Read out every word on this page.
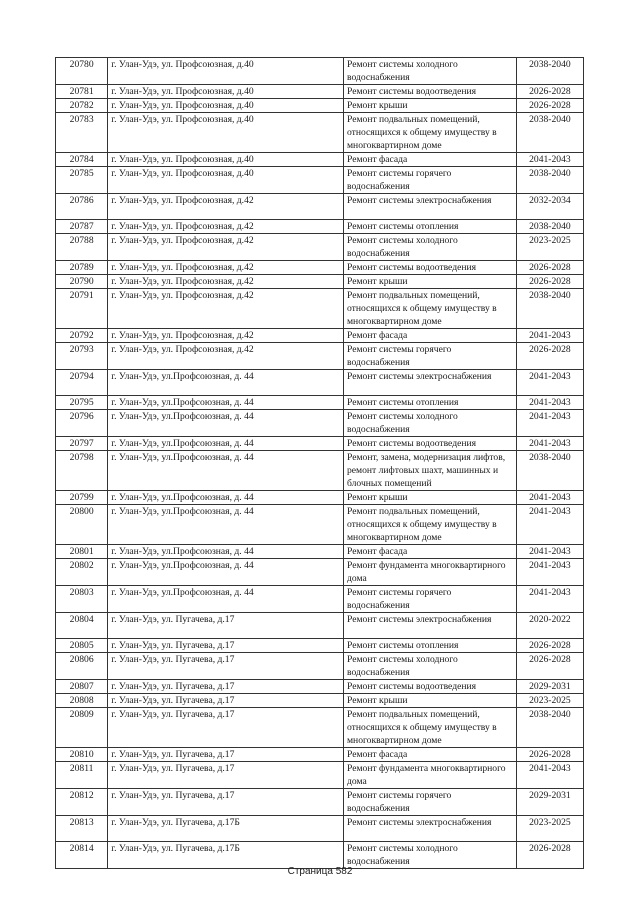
20780	г. Улан-Удэ, ул. Профсоюзная, д.40	Ремонт системы холодного водоснабжения	2038-2040
20781	г. Улан-Удэ, ул. Профсоюзная, д.40	Ремонт системы водоотведения	2026-2028
20782	г. Улан-Удэ, ул. Профсоюзная, д.40	Ремонт крыши	2026-2028
20783	г. Улан-Удэ, ул. Профсоюзная, д.40	Ремонт подвальных помещений, относящихся к общему имуществу в многоквартирном доме	2038-2040
20784	г. Улан-Удэ, ул. Профсоюзная, д.40	Ремонт фасада	2041-2043
20785	г. Улан-Удэ, ул. Профсоюзная, д.40	Ремонт системы горячего водоснабжения	2038-2040
20786	г. Улан-Удэ, ул. Профсоюзная, д.42	Ремонт системы электроснабжения	2032-2034
20787	г. Улан-Удэ, ул. Профсоюзная, д.42	Ремонт системы отопления	2038-2040
20788	г. Улан-Удэ, ул. Профсоюзная, д.42	Ремонт системы холодного водоснабжения	2023-2025
20789	г. Улан-Удэ, ул. Профсоюзная, д.42	Ремонт системы водоотведения	2026-2028
20790	г. Улан-Удэ, ул. Профсоюзная, д.42	Ремонт крыши	2026-2028
20791	г. Улан-Удэ, ул. Профсоюзная, д.42	Ремонт подвальных помещений, относящихся к общему имуществу в многоквартирном доме	2038-2040
20792	г. Улан-Удэ, ул. Профсоюзная, д.42	Ремонт фасада	2041-2043
20793	г. Улан-Удэ, ул. Профсоюзная, д.42	Ремонт системы горячего водоснабжения	2026-2028
20794	г. Улан-Удэ, ул.Профсоюзная, д. 44	Ремонт системы электроснабжения	2041-2043
20795	г. Улан-Удэ, ул.Профсоюзная, д. 44	Ремонт системы отопления	2041-2043
20796	г. Улан-Удэ, ул.Профсоюзная, д. 44	Ремонт системы холодного водоснабжения	2041-2043
20797	г. Улан-Удэ, ул.Профсоюзная, д. 44	Ремонт системы водоотведения	2041-2043
20798	г. Улан-Удэ, ул.Профсоюзная, д. 44	Ремонт, замена, модернизация лифтов, ремонт лифтовых шахт, машинных и блочных помещений	2038-2040
20799	г. Улан-Удэ, ул.Профсоюзная, д. 44	Ремонт крыши	2041-2043
20800	г. Улан-Удэ, ул.Профсоюзная, д. 44	Ремонт подвальных помещений, относящихся к общему имуществу в многоквартирном доме	2041-2043
20801	г. Улан-Удэ, ул.Профсоюзная, д. 44	Ремонт фасада	2041-2043
20802	г. Улан-Удэ, ул.Профсоюзная, д. 44	Ремонт фундамента многоквартирного дома	2041-2043
20803	г. Улан-Удэ, ул.Профсоюзная, д. 44	Ремонт системы горячего водоснабжения	2041-2043
20804	г. Улан-Удэ, ул. Пугачева, д.17	Ремонт системы электроснабжения	2020-2022
20805	г. Улан-Удэ, ул. Пугачева, д.17	Ремонт системы отопления	2026-2028
20806	г. Улан-Удэ, ул. Пугачева, д.17	Ремонт системы холодного водоснабжения	2026-2028
20807	г. Улан-Удэ, ул. Пугачева, д.17	Ремонт системы водоотведения	2029-2031
20808	г. Улан-Удэ, ул. Пугачева, д.17	Ремонт крыши	2023-2025
20809	г. Улан-Удэ, ул. Пугачева, д.17	Ремонт подвальных помещений, относящихся к общему имуществу в многоквартирном доме	2038-2040
20810	г. Улан-Удэ, ул. Пугачева, д.17	Ремонт фасада	2026-2028
20811	г. Улан-Удэ, ул. Пугачева, д.17	Ремонт фундамента многоквартирного дома	2041-2043
20812	г. Улан-Удэ, ул. Пугачева, д.17	Ремонт системы горячего водоснабжения	2029-2031
20813	г. Улан-Удэ, ул. Пугачева, д.17Б	Ремонт системы электроснабжения	2023-2025
20814	г. Улан-Удэ, ул. Пугачева, д.17Б	Ремонт системы холодного водоснабжения	2026-2028
Страница 582
